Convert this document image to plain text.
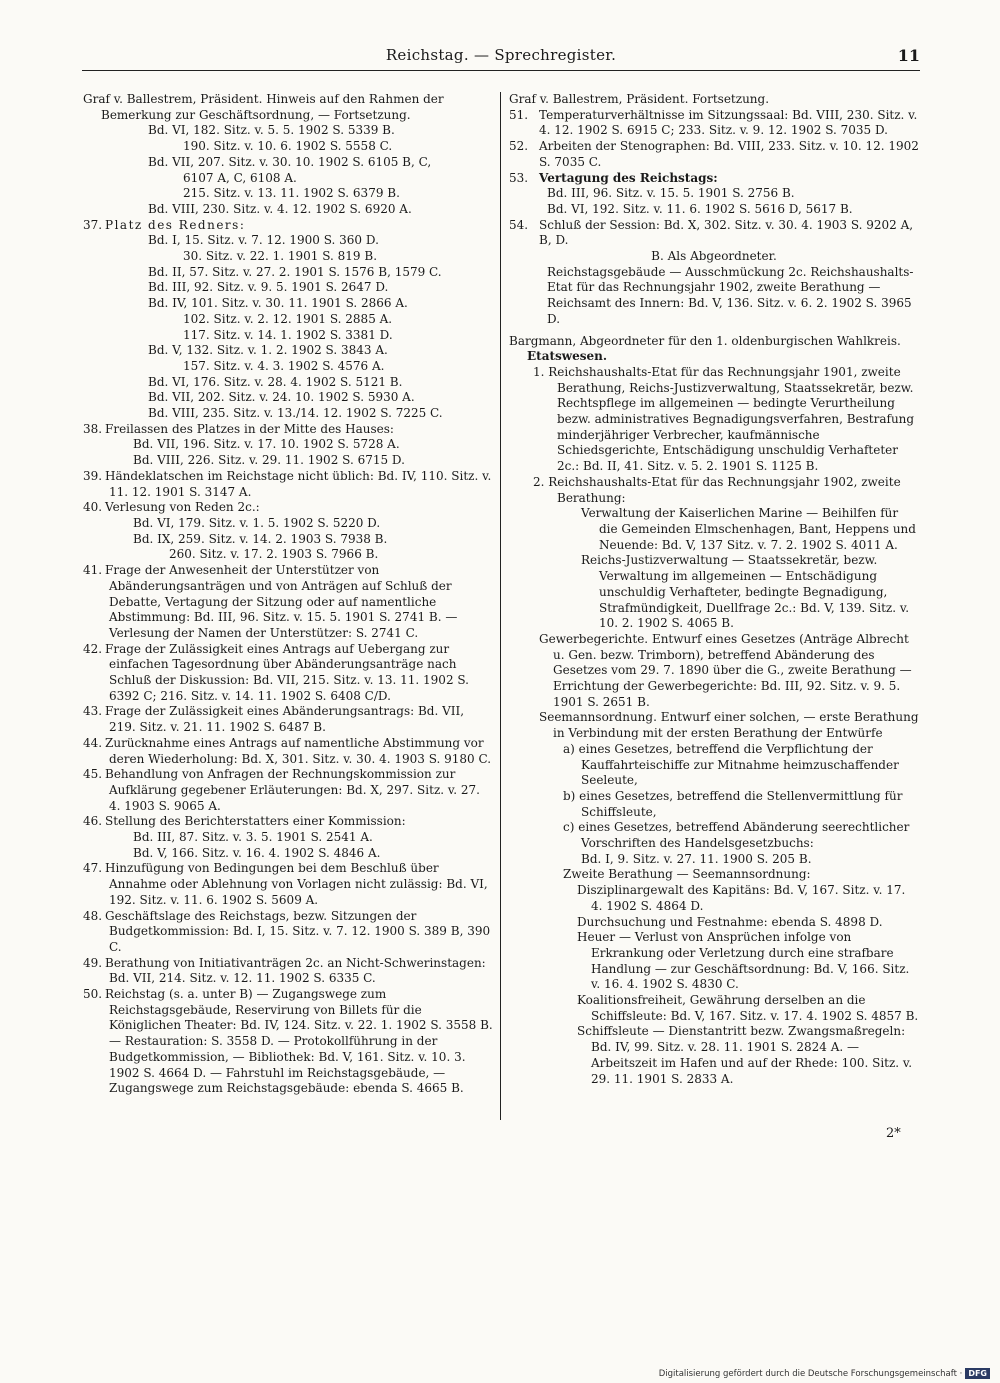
Reichstag. — Sprechregister.	11

Graf v. Ballestrem, Präsident. Hinweis auf den Rahmen der Bemerkung zur Geschäftsordnung, — Fortsetzung.

Bd. VI, 182. Sitz. v. 5. 5. 1902 S. 5339 B.

190. Sitz. v. 10. 6. 1902 S. 5558 C.

Bd. VII, 207. Sitz. v. 30. 10. 1902 S. 6105 B, C,

6107 A, C, 6108 A.

215. Sitz. v. 13. 11. 1902 S. 6379 B.

Bd. VIII, 230. Sitz. v. 4. 12. 1902 S. 6920 A.

37. Platz des Redners:

Bd. I, 15. Sitz. v. 7. 12. 1900 S. 360 D.

30. Sitz. v. 22. 1. 1901 S. 819 B.

Bd. II, 57. Sitz. v. 27. 2. 1901 S. 1576 B, 1579 C.

Bd. III, 92. Sitz. v. 9. 5. 1901 S. 2647 D.

Bd. IV, 101. Sitz. v. 30. 11. 1901 S. 2866 A.

102. Sitz. v. 2. 12. 1901 S. 2885 A.

117. Sitz. v. 14. 1. 1902 S. 3381 D.

Bd. V, 132. Sitz. v. 1. 2. 1902 S. 3843 A.

157. Sitz. v. 4. 3. 1902 S. 4576 A.

Bd. VI, 176. Sitz. v. 28. 4. 1902 S. 5121 B.

Bd. VII, 202. Sitz. v. 24. 10. 1902 S. 5930 A.

Bd. VIII, 235. Sitz. v. 13./14. 12. 1902 S. 7225 C.

38. Freilassen des Platzes in der Mitte des Hauses:

Bd. VII, 196. Sitz. v. 17. 10. 1902 S. 5728 A.

Bd. VIII, 226. Sitz. v. 29. 11. 1902 S. 6715 D.

39. Händeklatschen im Reichstage nicht üblich: Bd. IV, 110. Sitz. v. 11. 12. 1901 S. 3147 A.

40. Verlesung von Reden 2c.:

Bd. VI, 179. Sitz. v. 1. 5. 1902 S. 5220 D.

Bd. IX, 259. Sitz. v. 14. 2. 1903 S. 7938 B.

260. Sitz. v. 17. 2. 1903 S. 7966 B.

41. Frage der Anwesenheit der Unterstützer von Abänderungsanträgen und von Anträgen auf Schluß der Debatte, Vertagung der Sitzung oder auf namentliche Abstimmung: Bd. III, 96. Sitz. v. 15. 5. 1901 S. 2741 B. — Verlesung der Namen der Unterstützer: S. 2741 C.

42. Frage der Zulässigkeit eines Antrags auf Uebergang zur einfachen Tagesordnung über Abänderungsanträge nach Schluß der Diskussion: Bd. VII, 215. Sitz. v. 13. 11. 1902 S. 6392 C; 216. Sitz. v. 14. 11. 1902 S. 6408 C/D.

43. Frage der Zulässigkeit eines Abänderungsantrags: Bd. VII, 219. Sitz. v. 21. 11. 1902 S. 6487 B.

44. Zurücknahme eines Antrags auf namentliche Abstimmung vor deren Wiederholung: Bd. X, 301. Sitz. v. 30. 4. 1903 S. 9180 C.

45. Behandlung von Anfragen der Rechnungskommission zur Aufklärung gegebener Erläuterungen: Bd. X, 297. Sitz. v. 27. 4. 1903 S. 9065 A.

46. Stellung des Berichterstatters einer Kommission:

Bd. III, 87. Sitz. v. 3. 5. 1901 S. 2541 A.

Bd. V, 166. Sitz. v. 16. 4. 1902 S. 4846 A.

47. Hinzufügung von Bedingungen bei dem Beschluß über Annahme oder Ablehnung von Vorlagen nicht zulässig: Bd. VI, 192. Sitz. v. 11. 6. 1902 S. 5609 A.

48. Geschäftslage des Reichstags, bezw. Sitzungen der Budgetkommission: Bd. I, 15. Sitz. v. 7. 12. 1900 S. 389 B, 390 C.

49. Berathung von Initiativanträgen 2c. an Nicht-Schwerinstagen: Bd. VII, 214. Sitz. v. 12. 11. 1902 S. 6335 C.

50. Reichstag (s. a. unter B) — Zugangswege zum Reichstagsgebäude, Reservirung von Billets für die Königlichen Theater: Bd. IV, 124. Sitz. v. 22. 1. 1902 S. 3558 B. — Restauration: S. 3558 D. — Protokollführung in der Budgetkommission, — Bibliothek: Bd. V, 161. Sitz. v. 10. 3. 1902 S. 4664 D. — Fahrstuhl im Reichstagsgebäude, — Zugangswege zum Reichstagsgebäude: ebenda S. 4665 B.

Graf v. Ballestrem, Präsident. Fortsetzung.

51. Temperaturverhältnisse im Sitzungssaal: Bd. VIII, 230. Sitz. v. 4. 12. 1902 S. 6915 C; 233. Sitz. v. 9. 12. 1902 S. 7035 D.

52. Arbeiten der Stenographen: Bd. VIII, 233. Sitz. v. 10. 12. 1902 S. 7035 C.

53. Vertagung des Reichstags:

Bd. III, 96. Sitz. v. 15. 5. 1901 S. 2756 B.

Bd. VI, 192. Sitz. v. 11. 6. 1902 S. 5616 D, 5617 B.

54. Schluß der Session: Bd. X, 302. Sitz. v. 30. 4. 1903 S. 9202 A, B, D.

B. Als Abgeordneter.

Reichstagsgebäude — Ausschmückung 2c. Reichshaushalts-Etat für das Rechnungsjahr 1902, zweite Berathung — Reichsamt des Innern: Bd. V, 136. Sitz. v. 6. 2. 1902 S. 3965 D.

Bargmann, Abgeordneter für den 1. oldenburgischen Wahlkreis.

Etatswesen.

1. Reichshaushalts-Etat für das Rechnungsjahr 1901, zweite Berathung, Reichs-Justizverwaltung, Staatssekretär, bezw. Rechtspflege im allgemeinen — bedingte Verurtheilung bezw. administratives Begnadigungsverfahren, Bestrafung minderjähriger Verbrecher, kaufmännische Schiedsgerichte, Entschädigung unschuldig Verhafteter 2c.: Bd. II, 41. Sitz. v. 5. 2. 1901 S. 1125 B.

2. Reichshaushalts-Etat für das Rechnungsjahr 1902, zweite Berathung:

Verwaltung der Kaiserlichen Marine — Beihilfen für die Gemeinden Elmschenhagen, Bant, Heppens und Neuende: Bd. V, 137 Sitz. v. 7. 2. 1902 S. 4011 A.

Reichs-Justizverwaltung — Staatssekretär, bezw. Verwaltung im allgemeinen — Entschädigung unschuldig Verhafteter, bedingte Begnadigung, Strafmündigkeit, Duellfrage 2c.: Bd. V, 139. Sitz. v. 10. 2. 1902 S. 4065 B.

Gewerbegerichte. Entwurf eines Gesetzes (Anträge Albrecht u. Gen. bezw. Trimborn), betreffend Abänderung des Gesetzes vom 29. 7. 1890 über die G., zweite Berathung — Errichtung der Gewerbegerichte: Bd. III, 92. Sitz. v. 9. 5. 1901 S. 2651 B.

Seemannsordnung. Entwurf einer solchen, — erste Berathung in Verbindung mit der ersten Berathung der Entwürfe

a) eines Gesetzes, betreffend die Verpflichtung der Kauffahrteischiffe zur Mitnahme heimzuschaffender Seeleute,

b) eines Gesetzes, betreffend die Stellenvermittlung für Schiffsleute,

c) eines Gesetzes, betreffend Abänderung seerechtlicher Vorschriften des Handelsgesetzbuchs:

Bd. I, 9. Sitz. v. 27. 11. 1900 S. 205 B.

Zweite Berathung — Seemannsordnung:

Disziplinargewalt des Kapitäns: Bd. V, 167. Sitz. v. 17. 4. 1902 S. 4864 D.

Durchsuchung und Festnahme: ebenda S. 4898 D.

Heuer — Verlust von Ansprüchen infolge von Erkrankung oder Verletzung durch eine strafbare Handlung — zur Geschäftsordnung: Bd. V, 166. Sitz. v. 16. 4. 1902 S. 4830 C.

Koalitionsfreiheit, Gewährung derselben an die Schiffsleute: Bd. V, 167. Sitz. v. 17. 4. 1902 S. 4857 B.

Schiffsleute — Dienstantritt bezw. Zwangsmaßregeln: Bd. IV, 99. Sitz. v. 28. 11. 1901 S. 2824 A. — Arbeitszeit im Hafen und auf der Rhede: 100. Sitz. v. 29. 11. 1901 S. 2833 A.

2*
Digitalisierung gefördert durch die Deutsche Forschungsgemeinschaft · DFG
